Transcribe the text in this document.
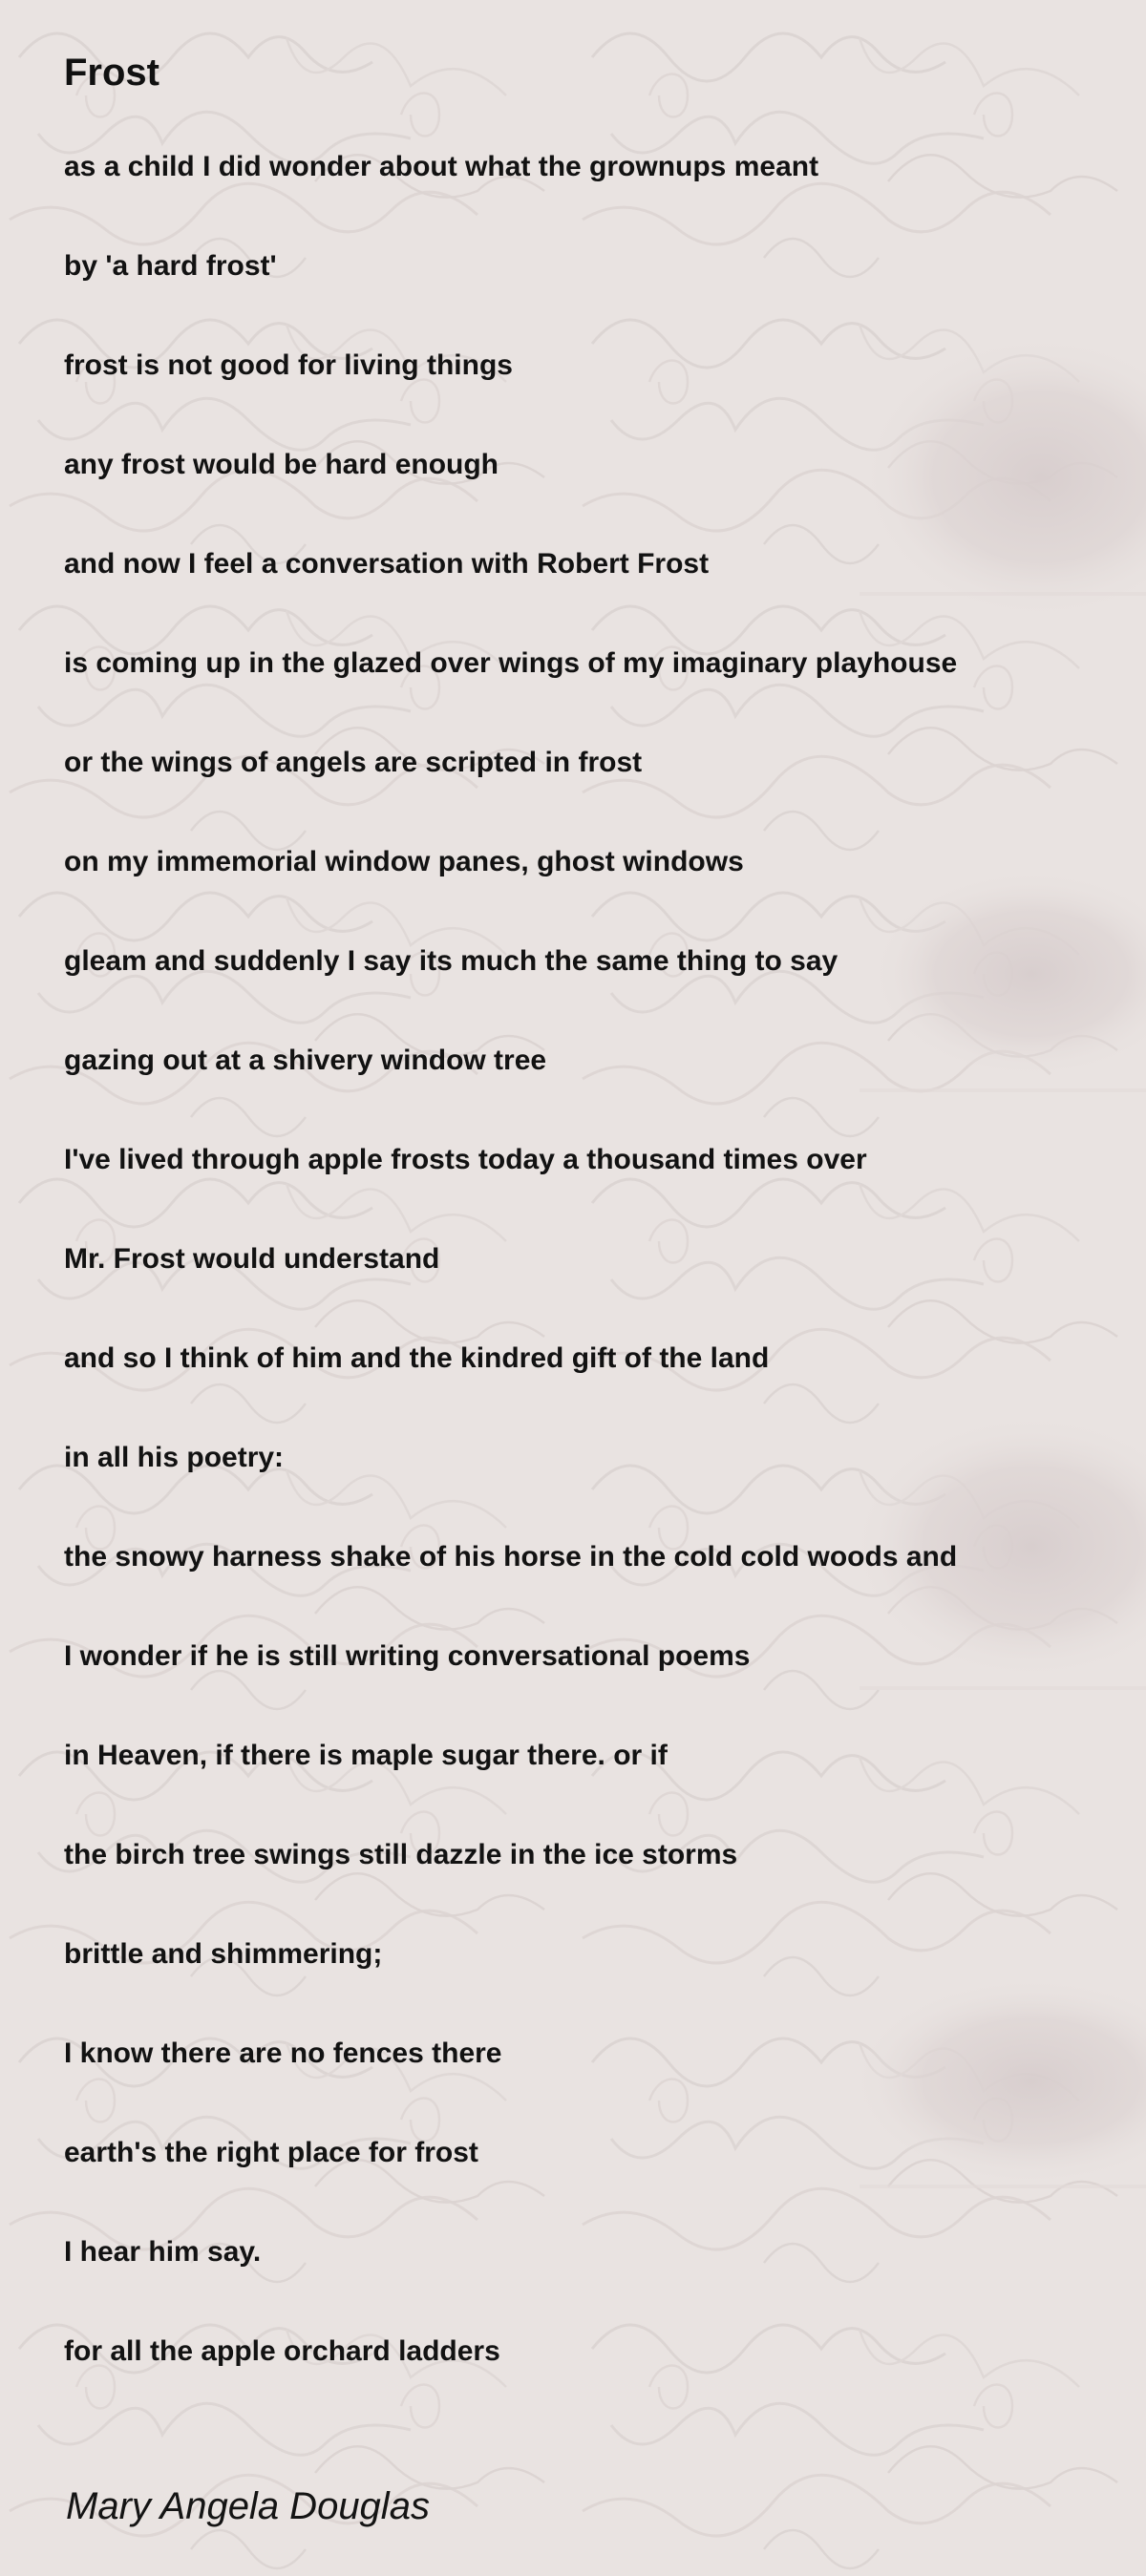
Frost

as a child I did wonder about what the grownups meant

by 'a hard frost'

frost is not good for living things

any frost would be hard enough

and now I feel a conversation with Robert Frost

is coming up in the glazed over wings of my imaginary playhouse

or the wings of angels are scripted in frost

on my immemorial window panes, ghost windows

gleam and suddenly I say its much the same thing to say

gazing out at a shivery window tree

I've lived through apple frosts today a thousand times over

Mr. Frost would understand

and so I think of him and the kindred gift of the land

in all his poetry:

the snowy harness shake of his horse in the cold cold woods and

I wonder if he is still writing conversational poems

in Heaven, if there is maple sugar there. or if

the birch tree swings still dazzle in the ice storms

brittle and shimmering;

I know there are no fences there

earth's the right place for frost

I hear him say.

for all the apple orchard ladders

Mary Angela Douglas
